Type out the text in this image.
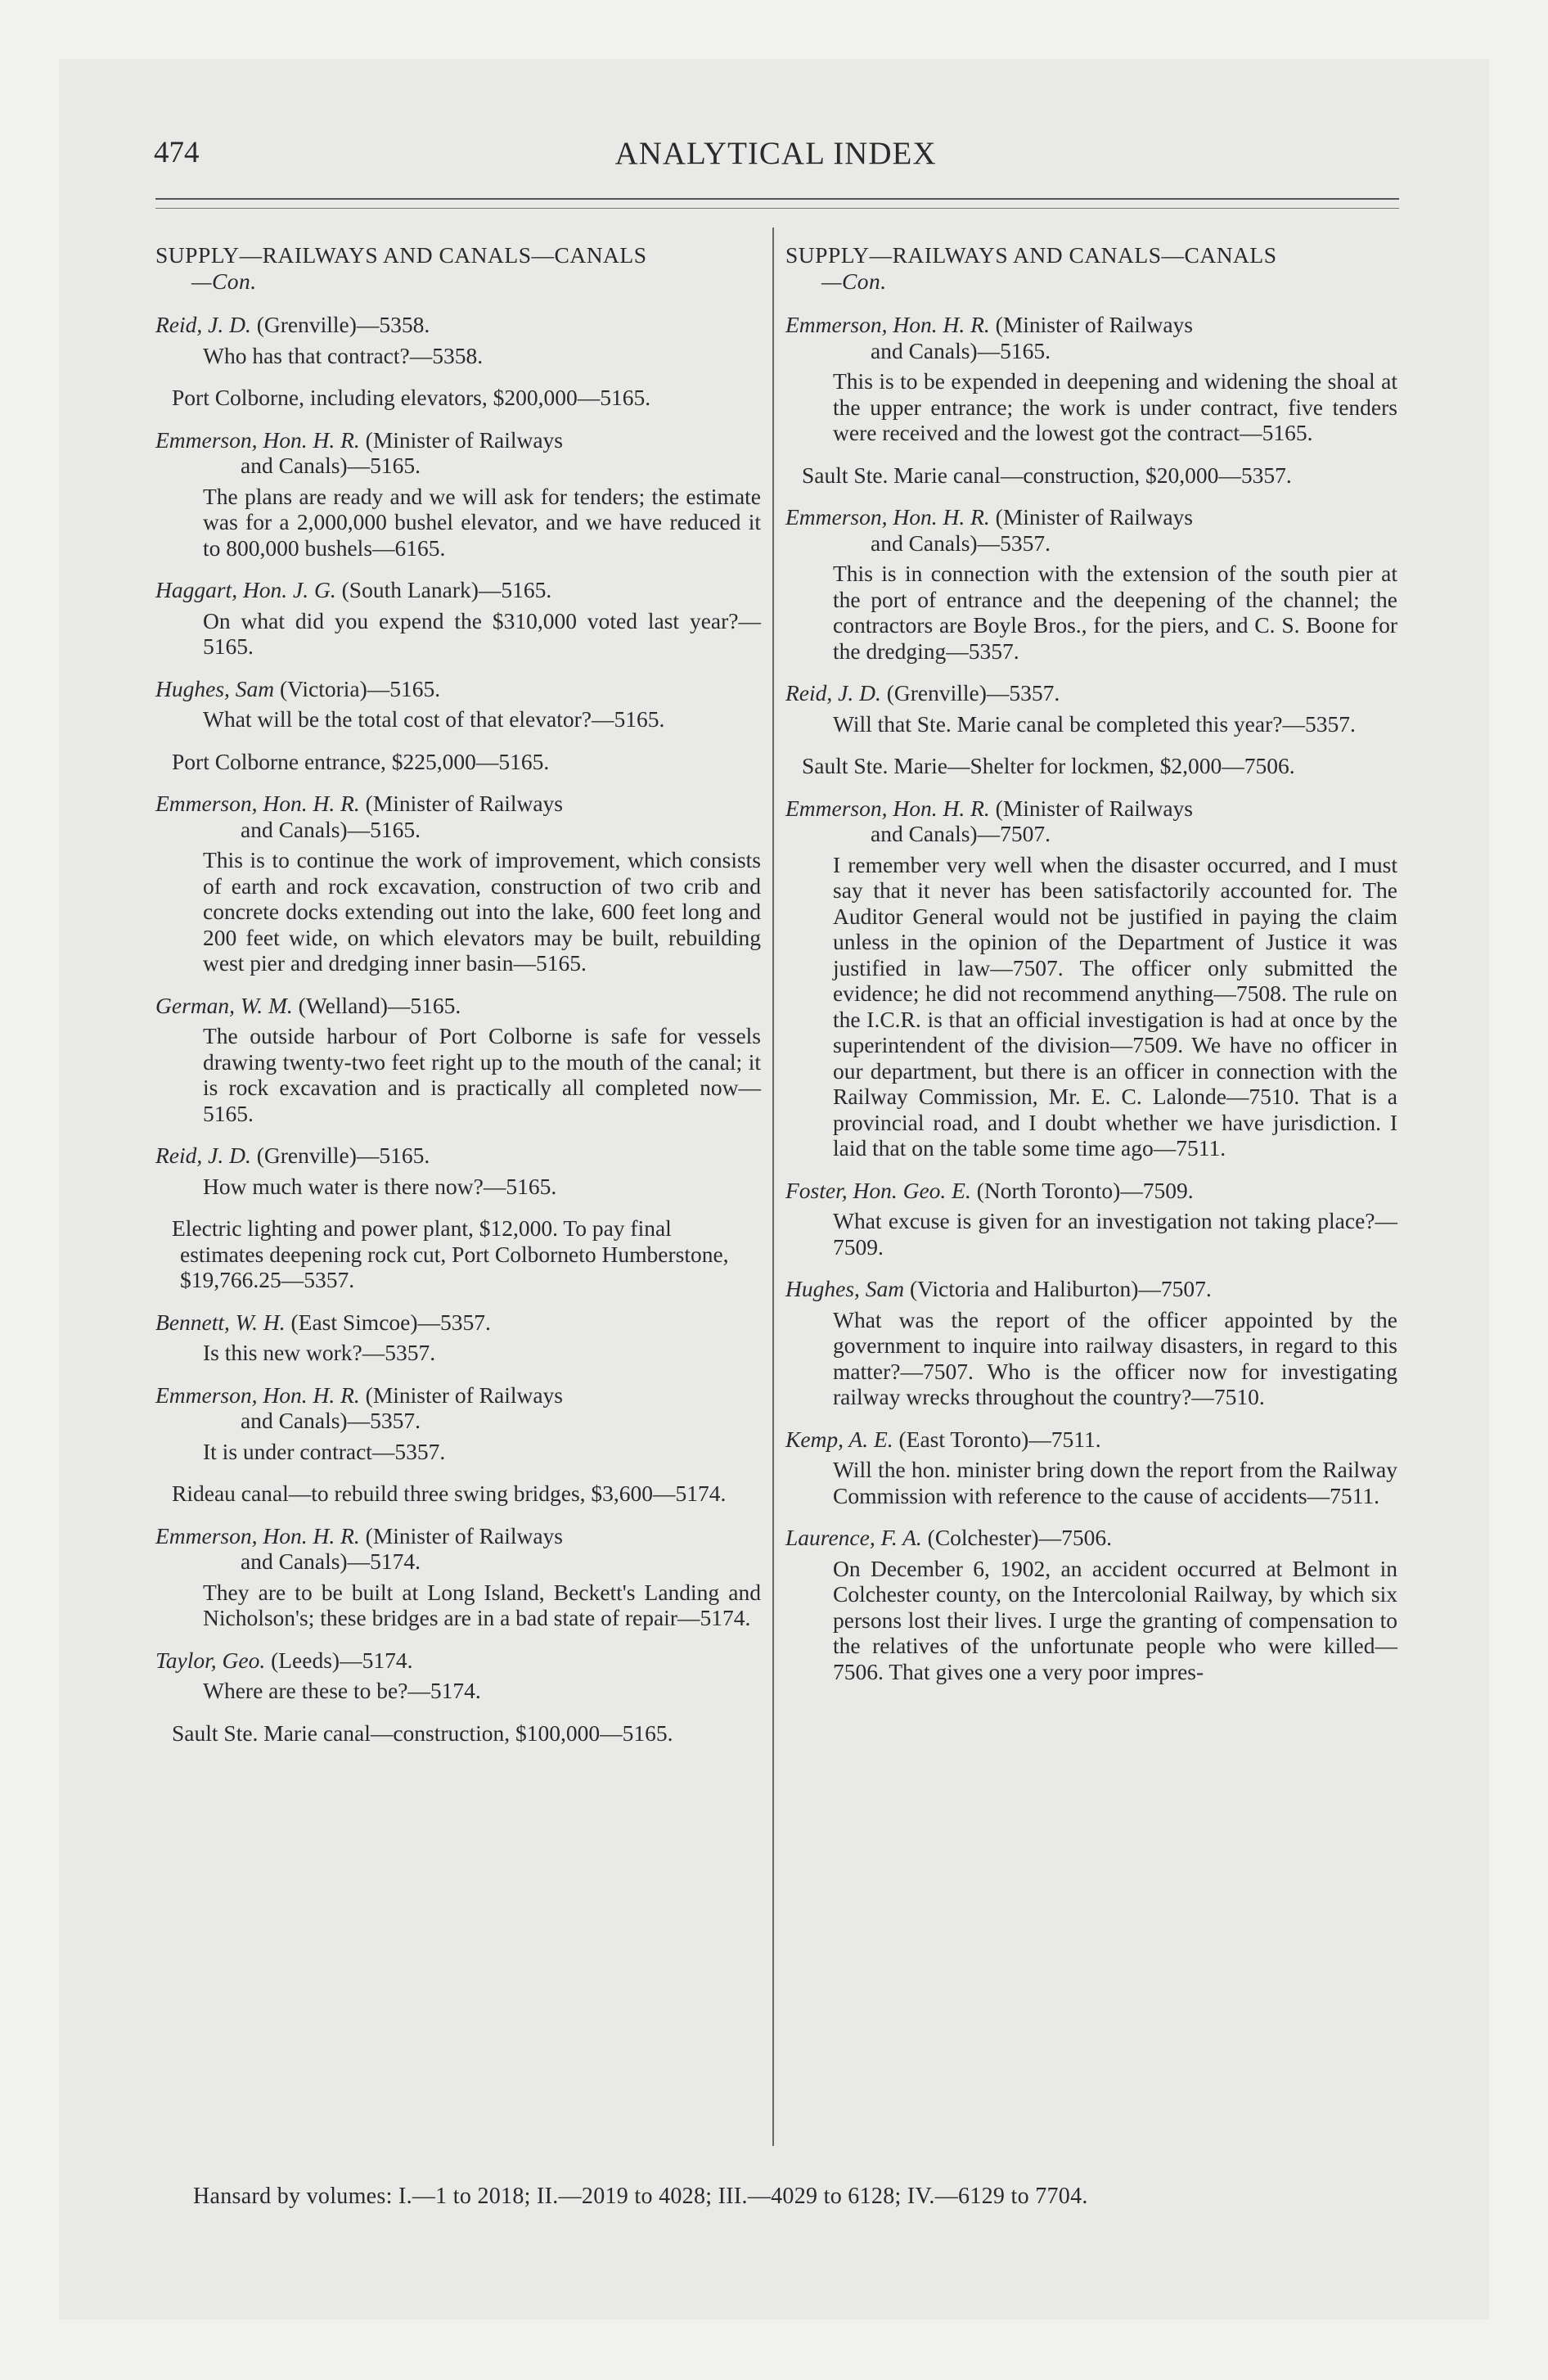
474	ANALYTICAL INDEX
SUPPLY—RAILWAYS AND CANALS—CANALS
—Con.
Reid, J. D. (Grenville)—5358.
Who has that contract?—5358.
Port Colborne, including elevators, $200,000—5165.
Emmerson, Hon. H. R. (Minister of Railways
and Canals)—5165.
The plans are ready and we will ask for tenders; the estimate was for a 2,000,000 bushel elevator, and we have reduced it to 800,000 bushels—6165.
Haggart, Hon. J. G. (South Lanark)—5165.
On what did you expend the $310,000 voted last year?—5165.
Hughes, Sam (Victoria)—5165.
What will be the total cost of that elevator?—5165.
Port Colborne entrance, $225,000—5165.
Emmerson, Hon. H. R. (Minister of Railways
and Canals)—5165.
This is to continue the work of improvement, which consists of earth and rock excavation, construction of two crib and concrete docks extending out into the lake, 600 feet long and 200 feet wide, on which elevators may be built, rebuilding west pier and dredging inner basin—5165.
German, W. M. (Welland)—5165.
The outside harbour of Port Colborne is safe for vessels drawing twenty-two feet right up to the mouth of the canal; it is rock excavation and is practically all completed now—5165.
Reid, J. D. (Grenville)—5165.
How much water is there now?—5165.
Electric lighting and power plant, $12,000. To pay final estimates deepening rock cut, Port Colborneto Humberstone, $19,766.25—5357.
Bennett, W. H. (East Simcoe)—5357.
Is this new work?—5357.
Emmerson, Hon. H. R. (Minister of Railways
and Canals)—5357.
It is under contract—5357.
Rideau canal—to rebuild three swing bridges, $3,600—5174.
Emmerson, Hon. H. R. (Minister of Railways
and Canals)—5174.
They are to be built at Long Island, Beckett's Landing and Nicholson's; these bridges are in a bad state of repair—5174.
Taylor, Geo. (Leeds)—5174.
Where are these to be?—5174.
Sault Ste. Marie canal—construction, $100,000—5165.
SUPPLY—RAILWAYS AND CANALS—CANALS
—Con.
Emmerson, Hon. H. R. (Minister of Railways
and Canals)—5165.
This is to be expended in deepening and widening the shoal at the upper entrance; the work is under contract, five tenders were received and the lowest got the contract—5165.
Sault Ste. Marie canal—construction, $20,000—5357.
Emmerson, Hon. H. R. (Minister of Railways
and Canals)—5357.
This is in connection with the extension of the south pier at the port of entrance and the deepening of the channel; the contractors are Boyle Bros., for the piers, and C. S. Boone for the dredging—5357.
Reid, J. D. (Grenville)—5357.
Will that Ste. Marie canal be completed this year?—5357.
Sault Ste. Marie—Shelter for lockmen, $2,000—7506.
Emmerson, Hon. H. R. (Minister of Railways
and Canals)—7507.
I remember very well when the disaster occurred, and I must say that it never has been satisfactorily accounted for. The Auditor General would not be justified in paying the claim unless in the opinion of the Department of Justice it was justified in law—7507. The officer only submitted the evidence; he did not recommend anything—7508. The rule on the I.C.R. is that an official investigation is had at once by the superintendent of the division—7509. We have no officer in our department, but there is an officer in connection with the Railway Commission, Mr. E. C. Lalonde—7510. That is a provincial road, and I doubt whether we have jurisdiction. I laid that on the table some time ago—7511.
Foster, Hon. Geo. E. (North Toronto)—7509.
What excuse is given for an investigation not taking place?—7509.
Hughes, Sam (Victoria and Haliburton)—7507.
What was the report of the officer appointed by the government to inquire into railway disasters, in regard to this matter?—7507. Who is the officer now for investigating railway wrecks throughout the country?—7510.
Kemp, A. E. (East Toronto)—7511.
Will the hon. minister bring down the report from the Railway Commission with reference to the cause of accidents—7511.
Laurence, F. A. (Colchester)—7506.
On December 6, 1902, an accident occurred at Belmont in Colchester county, on the Intercolonial Railway, by which six persons lost their lives. I urge the granting of compensation to the relatives of the unfortunate people who were killed—7506. That gives one a very poor impres-
Hansard by volumes: I.—1 to 2018; II.—2019 to 4028; III.—4029 to 6128; IV.—6129 to 7704.
